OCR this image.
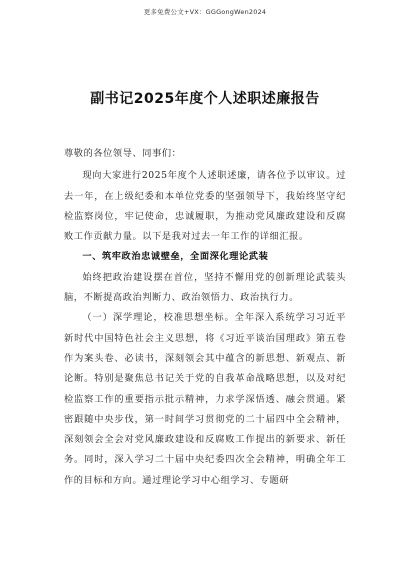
更多免费公文+VX：GGGongWen2024
副书记2025年度个人述职述廉报告

尊敬的各位领导、同事们：

现向大家进行2025年度个人述职述廉，请各位予以审议。过去一年，在上级纪委和本单位党委的坚强领导下，我始终坚守纪检监察岗位，牢记使命，忠诚履职，为推动党风廉政建设和反腐败工作贡献力量。以下是我对过去一年工作的详细汇报。

一、筑牢政治忠诚壁垒，全面深化理论武装

始终把政治建设摆在首位，坚持不懈用党的创新理论武装头脑，不断提高政治判断力、政治领悟力、政治执行力。

（一）深学理论，校准思想坐标。全年深入系统学习习近平新时代中国特色社会主义思想，将《习近平谈治国理政》第五卷作为案头卷、必读书，深刻领会其中蕴含的新思想、新观点、新论断。特别是聚焦总书记关于党的自我革命战略思想，以及对纪检监察工作的重要指示批示精神，力求学深悟透、融会贯通。紧密跟随中央步伐，第一时间学习贯彻党的二十届四中全会精神，深刻领会全会对党风廉政建设和反腐败工作提出的新要求、新任务。同时，深入学习二十届中央纪委四次全会精神，明确全年工作的目标和方向。通过理论学习中心组学习、专题研
